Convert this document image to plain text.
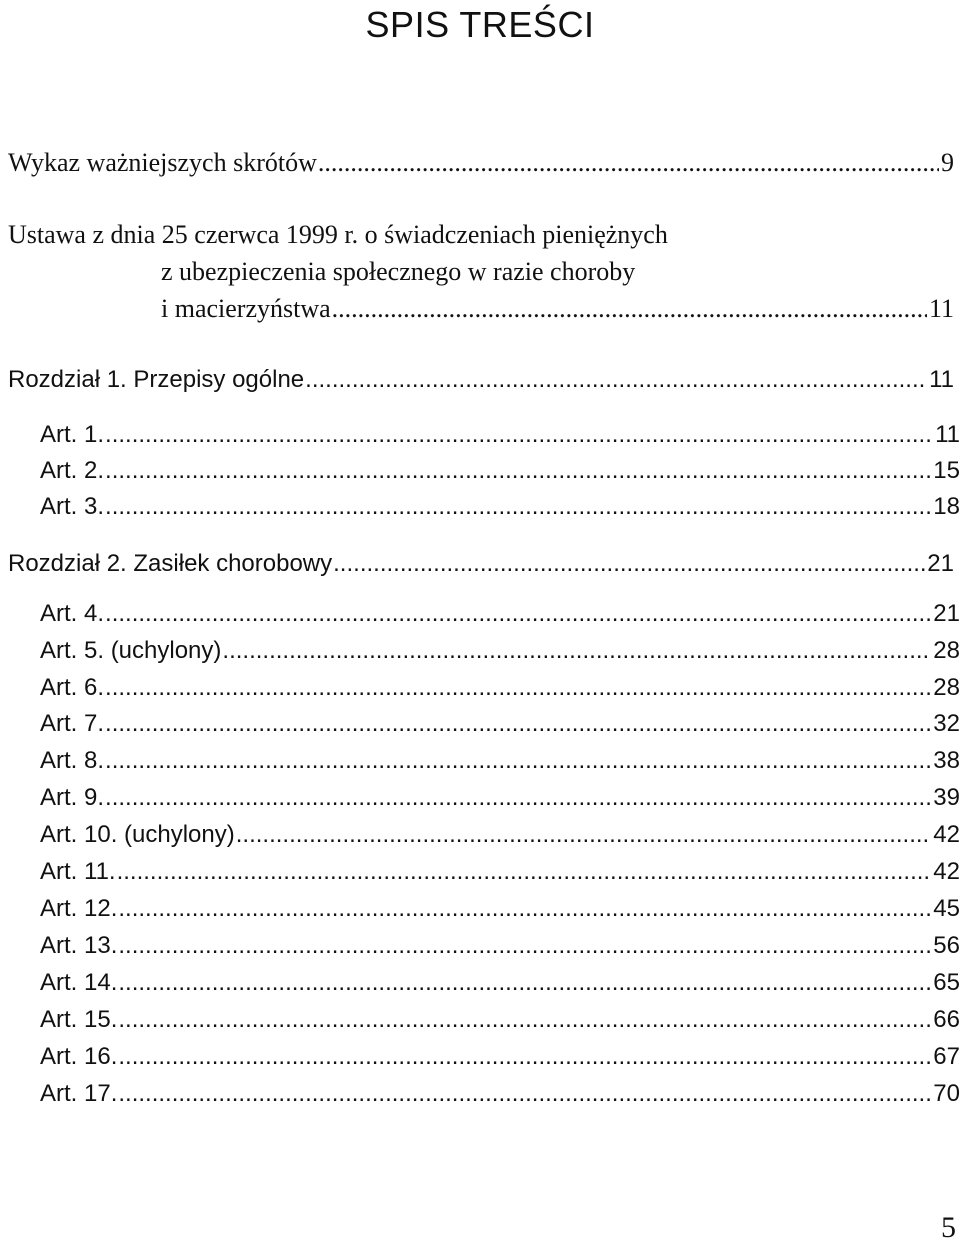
SPIS TREŚCI
Wykaz ważniejszych skrótów .....	9
Ustawa z dnia 25 czerwca 1999 r. o świadczeniach pieniężnych
z ubezpieczenia społecznego w razie choroby
i macierzyństwa .....	11
Rozdział 1. Przepisy ogólne .....	11
Art. 1. .....	11
Art. 2. .....	15
Art. 3. .....	18
Rozdział 2. Zasiłek chorobowy .....	21
Art. 4. .....	21
Art. 5. (uchylony) .....	28
Art. 6. .....	28
Art. 7. .....	32
Art. 8. .....	38
Art. 9. .....	39
Art. 10. (uchylony) .....	42
Art. 11. .....	42
Art. 12. .....	45
Art. 13. .....	56
Art. 14. .....	65
Art. 15. .....	66
Art. 16. .....	67
Art. 17. .....	70
5
